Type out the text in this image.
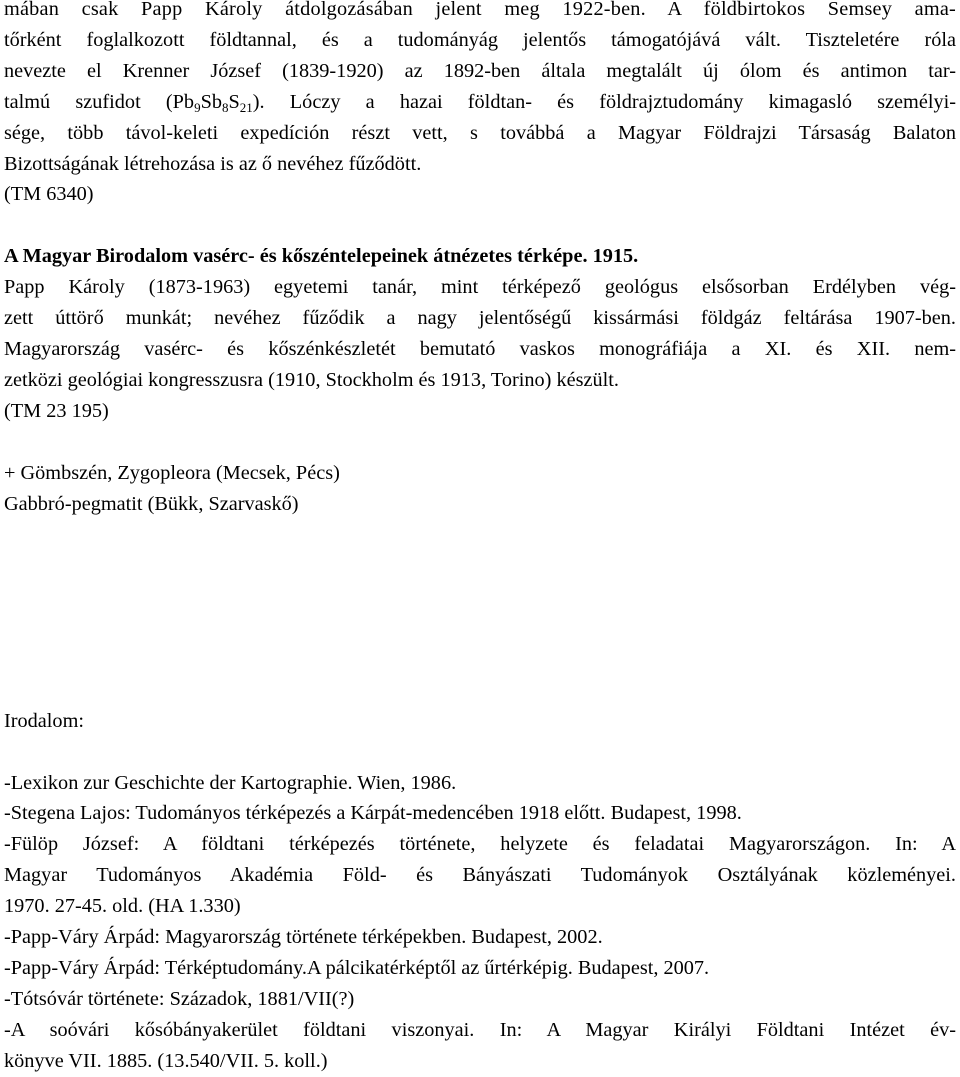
mában csak Papp Károly átdolgozásában jelent meg 1922-ben. A földbirtokos Semsey ama-
tőrként foglalkozott földtannal, és a tudományág jelentős támogatójává vált. Tiszteletére róla
nevezte el Krenner József (1839-1920) az 1892-ben általa megtalált új ólom és antimon tar-
talmú szufidot $(Pb_9Sb_8S_{21})$. Lóczy a hazai földtan- és földrajztudomány kimagasló személyi-
sége, több távol-keleti expedíción részt vett, s továbbá a Magyar Földrajzi Társaság Balaton
Bizottságának létrehozása is az ő nevéhez fűződött.
(TM 6340)
A Magyar Birodalom vasérc- és kőszéntelepeinek átnézetes térképe. 1915.
Papp Károly (1873-1963) egyetemi tanár, mint térképező geológus elsősorban Erdélyben vég-
zett úttörő munkát; nevéhez fűződik a nagy jelentőségű kissármási földgáz feltárása 1907-ben.
Magyarország vasérc- és kőszénkészletét bemutató vaskos monográfiája a XI. és XII. nem-
zetközi geológiai kongresszusra (1910, Stockholm és 1913, Torino) készült.
(TM 23 195)
+ Gömbszén, Zygopleora (Mecsek, Pécs)
Gabbró-pegmatit (Bükk, Szarvaskő)
Irodalom:
-Lexikon zur Geschichte der Kartographie. Wien, 1986.
-Stegena Lajos: Tudományos térképezés a Kárpát-medencében 1918 előtt. Budapest, 1998.
-Fülöp József: A földtani térképezés története, helyzete és feladatai Magyarországon. In: A
Magyar Tudományos Akadémia Föld- és Bányászati Tudományok Osztályának közleményei.
1970. 27-45. old. (HA 1.330)
-Papp-Váry Árpád: Magyarország története térképekben. Budapest, 2002.
-Papp-Váry Árpád: Térképtudomány.A pálcikatérképtől az űrtérképig. Budapest, 2007.
-Tótsóvár története: Századok, 1881/VII(?)
-A soóvári kősóbányakerület földtani viszonyai. In: A Magyar Királyi Földtani Intézet év-
könyve VII. 1885. (13.540/VII. 5. koll.)
